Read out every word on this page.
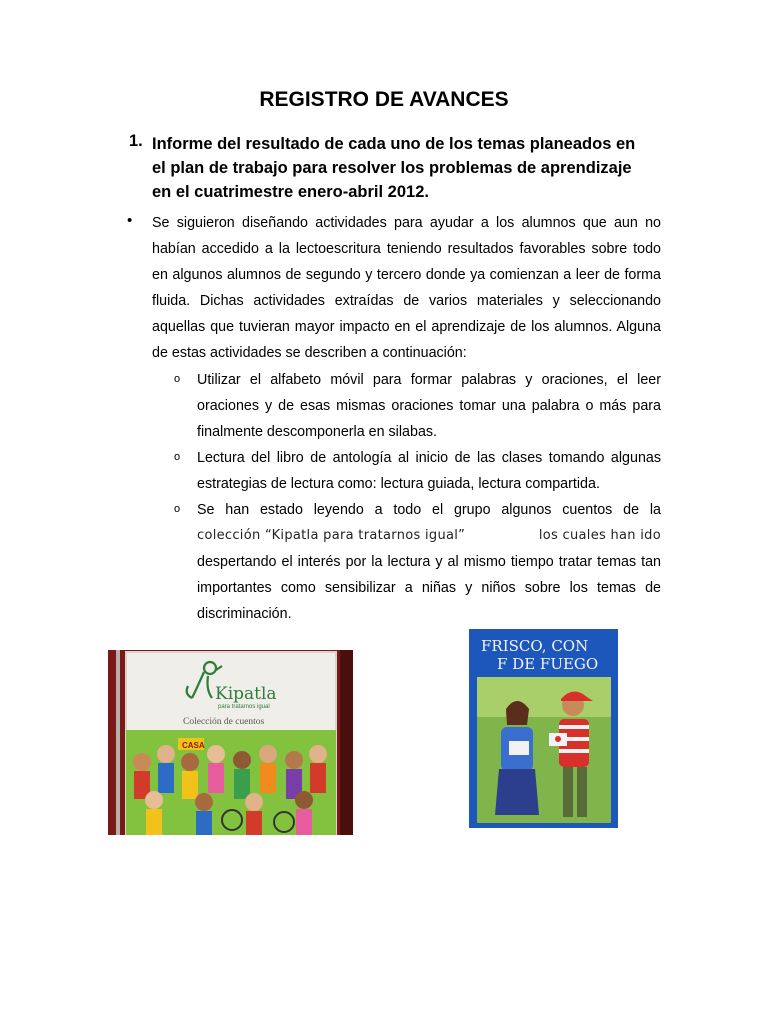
REGISTRO DE AVANCES
1. Informe del resultado de cada uno de los temas planeados en el plan de trabajo para resolver los problemas de aprendizaje en el cuatrimestre enero-abril 2012.
• Se siguieron diseñando actividades para ayudar a los alumnos que aun no habían accedido a la lectoescritura teniendo resultados favorables sobre todo en algunos alumnos de segundo y tercero donde ya comienzan a leer de forma fluida. Dichas actividades extraídas de varios materiales y seleccionando aquellas que tuvieran mayor impacto en el aprendizaje de los alumnos. Alguna de estas actividades se describen a continuación:
o Utilizar el alfabeto móvil para formar palabras y oraciones, el leer oraciones y de esas mismas oraciones tomar una palabra o más para finalmente descomponerla en silabas.
o Lectura del libro de antología al inicio de las clases tomando algunas estrategias de lectura como: lectura guiada, lectura compartida.
o Se han estado leyendo a todo el grupo algunos cuentos de la
colección “Kipatla para tratarnos igual”	los cuales han ido
despertando el interés por la lectura y al mismo tiempo tratar temas tan importantes como sensibilizar a niñas y niños sobre los temas de discriminación.
Kipatla
para tratarnos igual
Colección de cuentos
CASA
FRISCO, CON
F DE FUEGO
